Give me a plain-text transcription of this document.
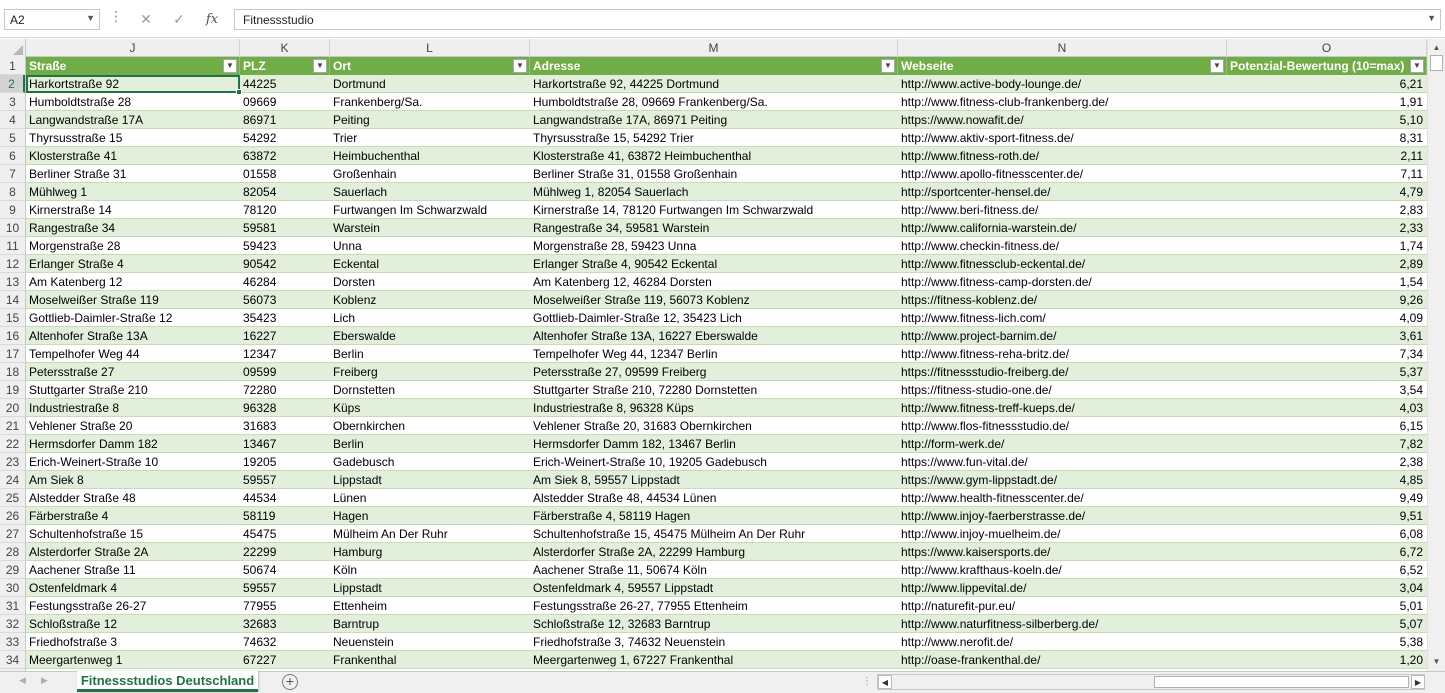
A2	▼ ⋮	✕	✓	fx	Fitnessstudio	▼
J	K	L	M	N	O
1
2
3
4
5
6
7
8
9
10
11
12
13
14
15
16
17
18
19
20
21
22
23
24
25
26
27
28
29
30
31
32
33
34
Straße	▼ PLZ	▼ Ort	▼ Adresse	▼ Webseite	▼ Potenzial-Bewertung (10=max)	▼
Harkortstraße 92	44225	Dortmund	Harkortstraße 92, 44225 Dortmund	http://www.active-body-lounge.de/	6,21
Humboldtstraße 28	09669	Frankenberg/Sa.	Humboldtstraße 28, 09669 Frankenberg/Sa.	http://www.fitness-club-frankenberg.de/	1,91
Langwandstraße 17A	86971	Peiting	Langwandstraße 17A, 86971 Peiting	https://www.nowafit.de/	5,10
Thyrsusstraße 15	54292	Trier	Thyrsusstraße 15, 54292 Trier	http://www.aktiv-sport-fitness.de/	8,31
Klosterstraße 41	63872	Heimbuchenthal	Klosterstraße 41, 63872 Heimbuchenthal	http://www.fitness-roth.de/	2,11
Berliner Straße 31	01558	Großenhain	Berliner Straße 31, 01558 Großenhain	http://www.apollo-fitnesscenter.de/	7,11
Mühlweg 1	82054	Sauerlach	Mühlweg 1, 82054 Sauerlach	http://sportcenter-hensel.de/	4,79
Kirnerstraße 14	78120	Furtwangen Im Schwarzwald	Kirnerstraße 14, 78120 Furtwangen Im Schwarzwald	http://www.beri-fitness.de/	2,83
Rangestraße 34	59581	Warstein	Rangestraße 34, 59581 Warstein	http://www.california-warstein.de/	2,33
Morgenstraße 28	59423	Unna	Morgenstraße 28, 59423 Unna	http://www.checkin-fitness.de/	1,74
Erlanger Straße 4	90542	Eckental	Erlanger Straße 4, 90542 Eckental	http://www.fitnessclub-eckental.de/	2,89
Am Katenberg 12	46284	Dorsten	Am Katenberg 12, 46284 Dorsten	http://www.fitness-camp-dorsten.de/	1,54
Moselweißer Straße 119	56073	Koblenz	Moselweißer Straße 119, 56073 Koblenz	https://fitness-koblenz.de/	9,26
Gottlieb-Daimler-Straße 12	35423	Lich	Gottlieb-Daimler-Straße 12, 35423 Lich	http://www.fitness-lich.com/	4,09
Altenhofer Straße 13A	16227	Eberswalde	Altenhofer Straße 13A, 16227 Eberswalde	http://www.project-barnim.de/	3,61
Tempelhofer Weg 44	12347	Berlin	Tempelhofer Weg 44, 12347 Berlin	http://www.fitness-reha-britz.de/	7,34
Petersstraße 27	09599	Freiberg	Petersstraße 27, 09599 Freiberg	https://fitnessstudio-freiberg.de/	5,37
Stuttgarter Straße 210	72280	Dornstetten	Stuttgarter Straße 210, 72280 Dornstetten	https://fitness-studio-one.de/	3,54
Industriestraße 8	96328	Küps	Industriestraße 8, 96328 Küps	http://www.fitness-treff-kueps.de/	4,03
Vehlener Straße 20	31683	Obernkirchen	Vehlener Straße 20, 31683 Obernkirchen	http://www.flos-fitnessstudio.de/	6,15
Hermsdorfer Damm 182	13467	Berlin	Hermsdorfer Damm 182, 13467 Berlin	http://form-werk.de/	7,82
Erich-Weinert-Straße 10	19205	Gadebusch	Erich-Weinert-Straße 10, 19205 Gadebusch	https://www.fun-vital.de/	2,38
Am Siek 8	59557	Lippstadt	Am Siek 8, 59557 Lippstadt	https://www.gym-lippstadt.de/	4,85
Alstedder Straße 48	44534	Lünen	Alstedder Straße 48, 44534 Lünen	http://www.health-fitnesscenter.de/	9,49
Färberstraße 4	58119	Hagen	Färberstraße 4, 58119 Hagen	http://www.injoy-faerberstrasse.de/	9,51
Schultenhofstraße 15	45475	Mülheim An Der Ruhr	Schultenhofstraße 15, 45475 Mülheim An Der Ruhr	http://www.injoy-muelheim.de/	6,08
Alsterdorfer Straße 2A	22299	Hamburg	Alsterdorfer Straße 2A, 22299 Hamburg	https://www.kaisersports.de/	6,72
Aachener Straße 11	50674	Köln	Aachener Straße 11, 50674 Köln	http://www.krafthaus-koeln.de/	6,52
Ostenfeldmark 4	59557	Lippstadt	Ostenfeldmark 4, 59557 Lippstadt	http://www.lippevital.de/	3,04
Festungsstraße 26-27	77955	Ettenheim	Festungsstraße 26-27, 77955 Ettenheim	http://naturefit-pur.eu/	5,01
Schloßstraße 12	32683	Barntrup	Schloßstraße 12, 32683 Barntrup	http://www.naturfitness-silberberg.de/	5,07
Friedhofstraße 3	74632	Neuenstein	Friedhofstraße 3, 74632 Neuenstein	http://www.nerofit.de/	5,38
Meergartenweg 1	67227	Frankenthal	Meergartenweg 1, 67227 Frankenthal	http://oase-frankenthal.de/	1,20
▲
▼
◀ ▶	Fitnessstudios Deutschland +	⋮	◀	▶
